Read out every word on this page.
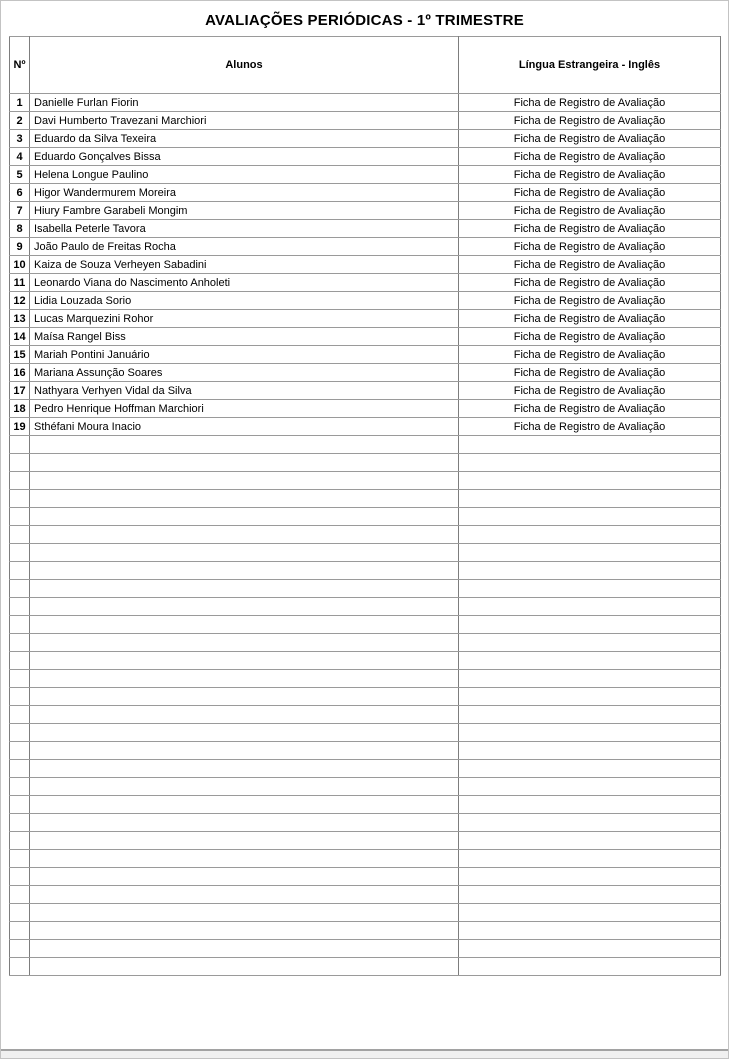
AVALIAÇÕES PERIÓDICAS - 1º TRIMESTRE
Nº	Alunos	Língua Estrangeira - Inglês
1	Danielle Furlan Fiorin	Ficha de Registro de Avaliação
2	Davi Humberto Travezani Marchiori	Ficha de Registro de Avaliação
3	Eduardo da Silva Texeira	Ficha de Registro de Avaliação
4	Eduardo Gonçalves Bissa	Ficha de Registro de Avaliação
5	Helena Longue Paulino	Ficha de Registro de Avaliação
6	Higor Wandermurem Moreira	Ficha de Registro de Avaliação
7	Hiury Fambre Garabeli Mongim	Ficha de Registro de Avaliação
8	Isabella Peterle Tavora	Ficha de Registro de Avaliação
9	João Paulo de Freitas Rocha	Ficha de Registro de Avaliação
10	Kaiza de Souza Verheyen Sabadini	Ficha de Registro de Avaliação
11	Leonardo Viana do Nascimento Anholeti	Ficha de Registro de Avaliação
12	Lidia Louzada Sorio	Ficha de Registro de Avaliação
13	Lucas Marquezini Rohor	Ficha de Registro de Avaliação
14	Maísa Rangel Biss	Ficha de Registro de Avaliação
15	Mariah Pontini Januário	Ficha de Registro de Avaliação
16	Mariana Assunção Soares	Ficha de Registro de Avaliação
17	Nathyara Verhyen Vidal da Silva	Ficha de Registro de Avaliação
18	Pedro Henrique Hoffman Marchiori	Ficha de Registro de Avaliação
19	Sthéfani Moura Inacio	Ficha de Registro de Avaliação
